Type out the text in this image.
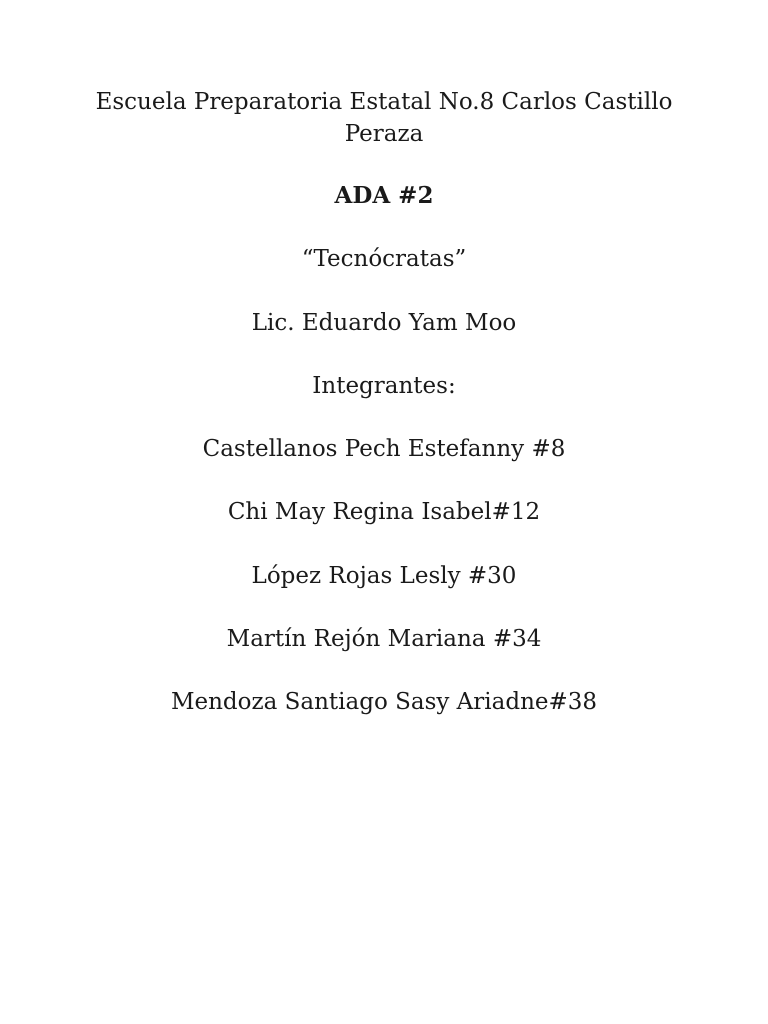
Escuela Preparatoria Estatal No.8 Carlos Castillo Peraza
ADA #2
“Tecnócratas”
Lic. Eduardo Yam Moo
Integrantes:
Castellanos Pech Estefanny #8
Chi May Regina Isabel#12
López Rojas Lesly #30
Martín Rejón Mariana #34
Mendoza Santiago Sasy Ariadne#38
